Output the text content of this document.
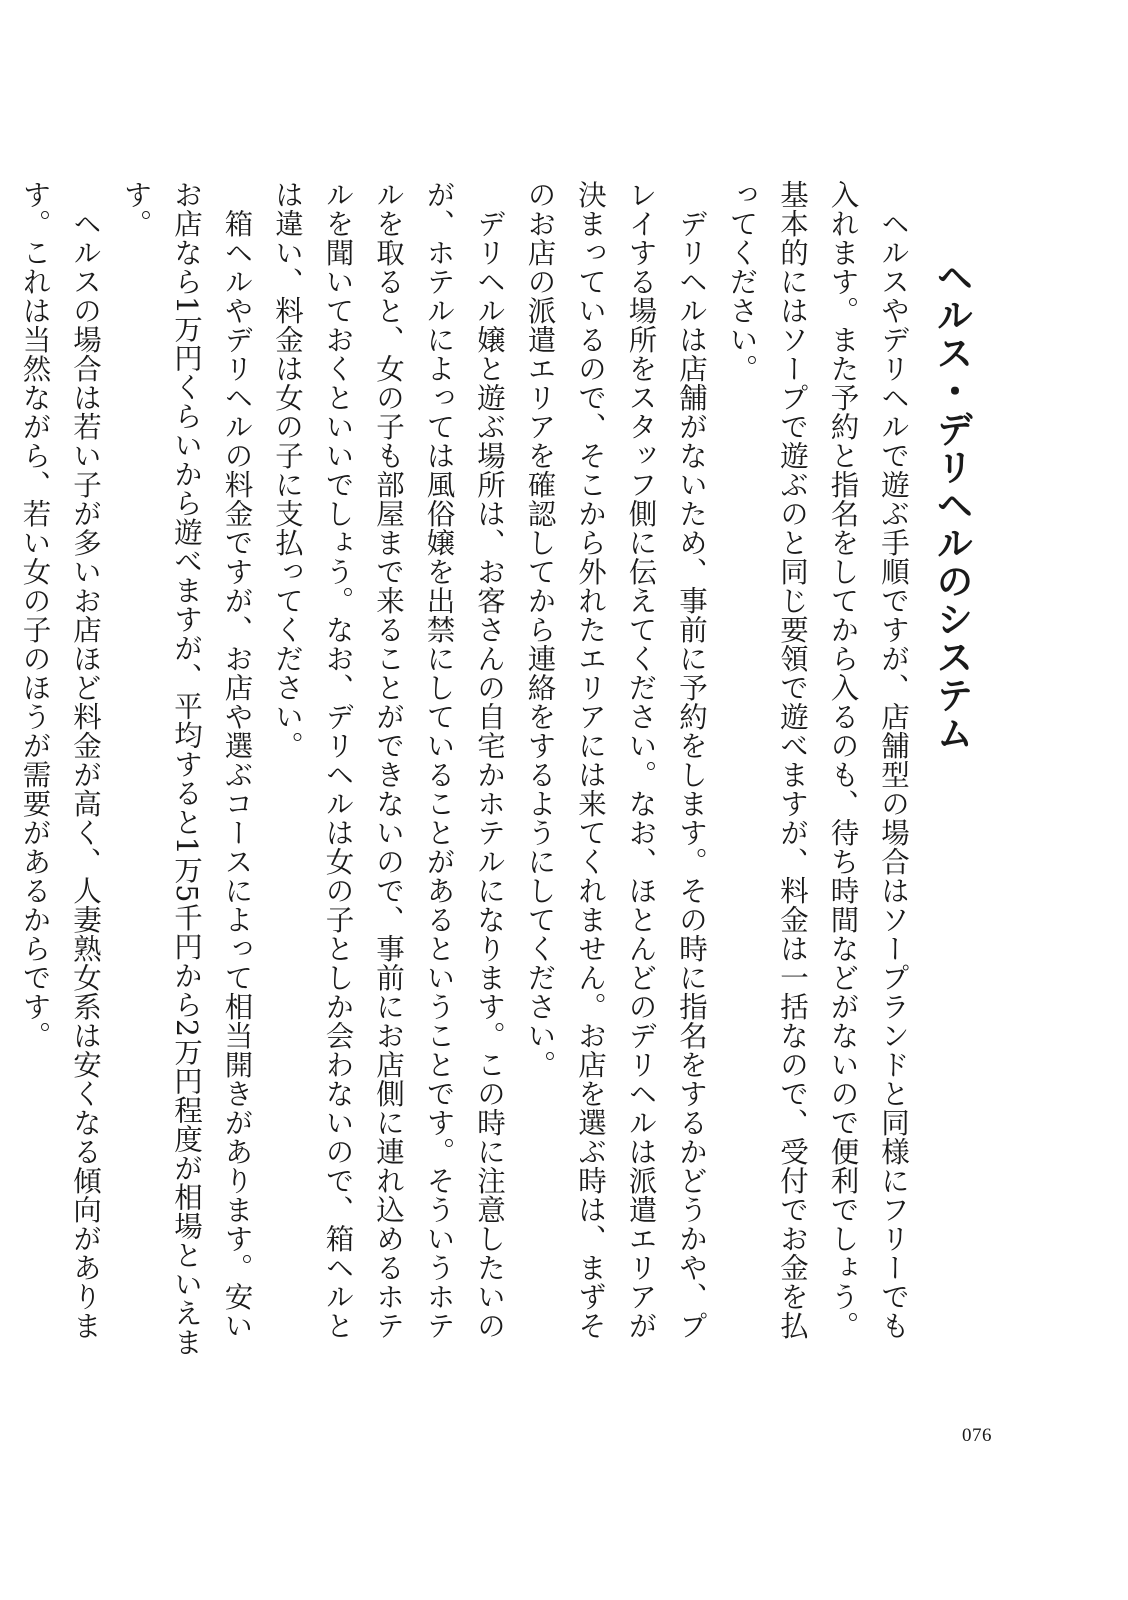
ヘルス・デリヘルのシステム

ヘルスやデリヘルで遊ぶ手順ですが、店舗型の場合はソープランドと同様にフリーでも入れます。また予約と指名をしてから入るのも、待ち時間などがないので便利でしょう。基本的にはソープで遊ぶのと同じ要領で遊べますが、料金は一括なので、受付でお金を払ってください。

デリヘルは店舗がないため、事前に予約をします。その時に指名をするかどうかや、プレイする場所をスタッフ側に伝えてください。なお、ほとんどのデリヘルは派遣エリアが決まっているので、そこから外れたエリアには来てくれません。お店を選ぶ時は、まずそのお店の派遣エリアを確認してから連絡をするようにしてください。

デリヘル嬢と遊ぶ場所は、お客さんの自宅かホテルになります。この時に注意したいのが、ホテルによっては風俗嬢を出禁にしていることがあるということです。そういうホテルを取ると、女の子も部屋まで来ることができないので、事前にお店側に連れ込めるホテルを聞いておくといいでしょう。なお、デリヘルは女の子としか会わないので、箱ヘルとは違い、料金は女の子に支払ってください。

箱ヘルやデリヘルの料金ですが、お店や選ぶコースによって相当開きがあります。安いお店なら1万円くらいから遊べますが、平均すると1万5千円から2万円程度が相場といえます。

ヘルスの場合は若い子が多いお店ほど料金が高く、人妻熟女系は安くなる傾向があります。これは当然ながら、若い女の子のほうが需要があるからです。

076
